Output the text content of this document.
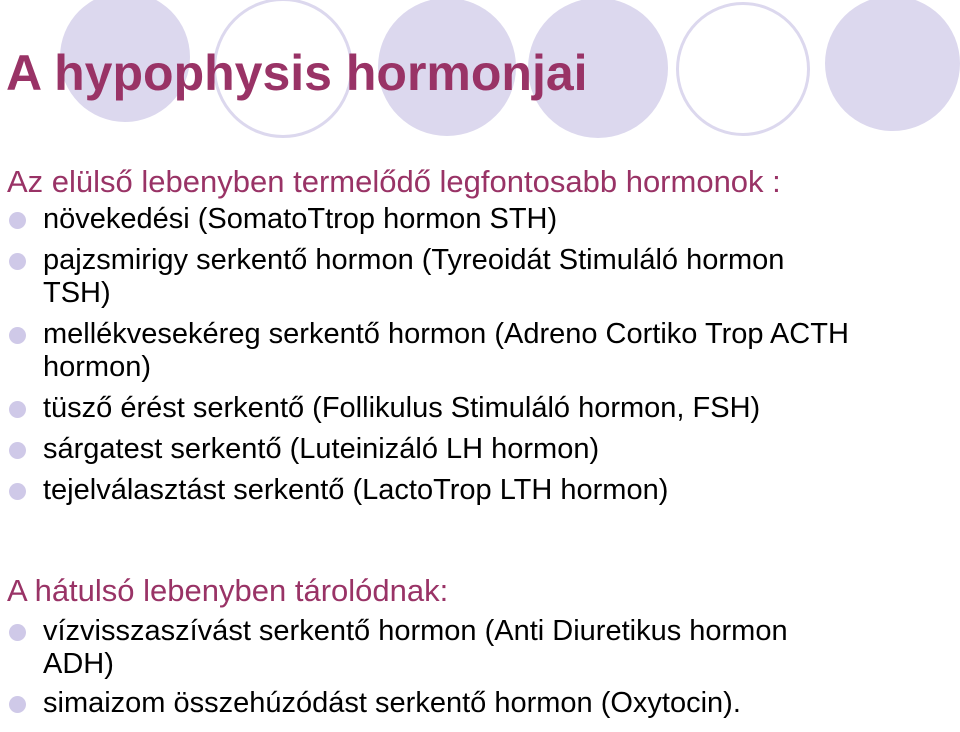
A hypophysis hormonjai

Az elülső lebenyben termelődő legfontosabb hormonok :

növekedési (SomatoTtrop hormon STH)
pajzsmirigy serkentő hormon (Tyreoidát Stimuláló hormon TSH)
mellékvesekéreg serkentő hormon (Adreno Cortiko Trop ACTH hormon)
tüsző érést serkentő (Follikulus Stimuláló hormon, FSH)
sárgatest serkentő (Luteinizáló LH hormon)
tejelválasztást serkentő (LactoTrop LTH hormon)

A hátulsó lebenyben tárolódnak:

vízvisszaszívást serkentő hormon (Anti Diuretikus hormon ADH)
simaizom összehúzódást serkentő hormon (Oxytocin).
